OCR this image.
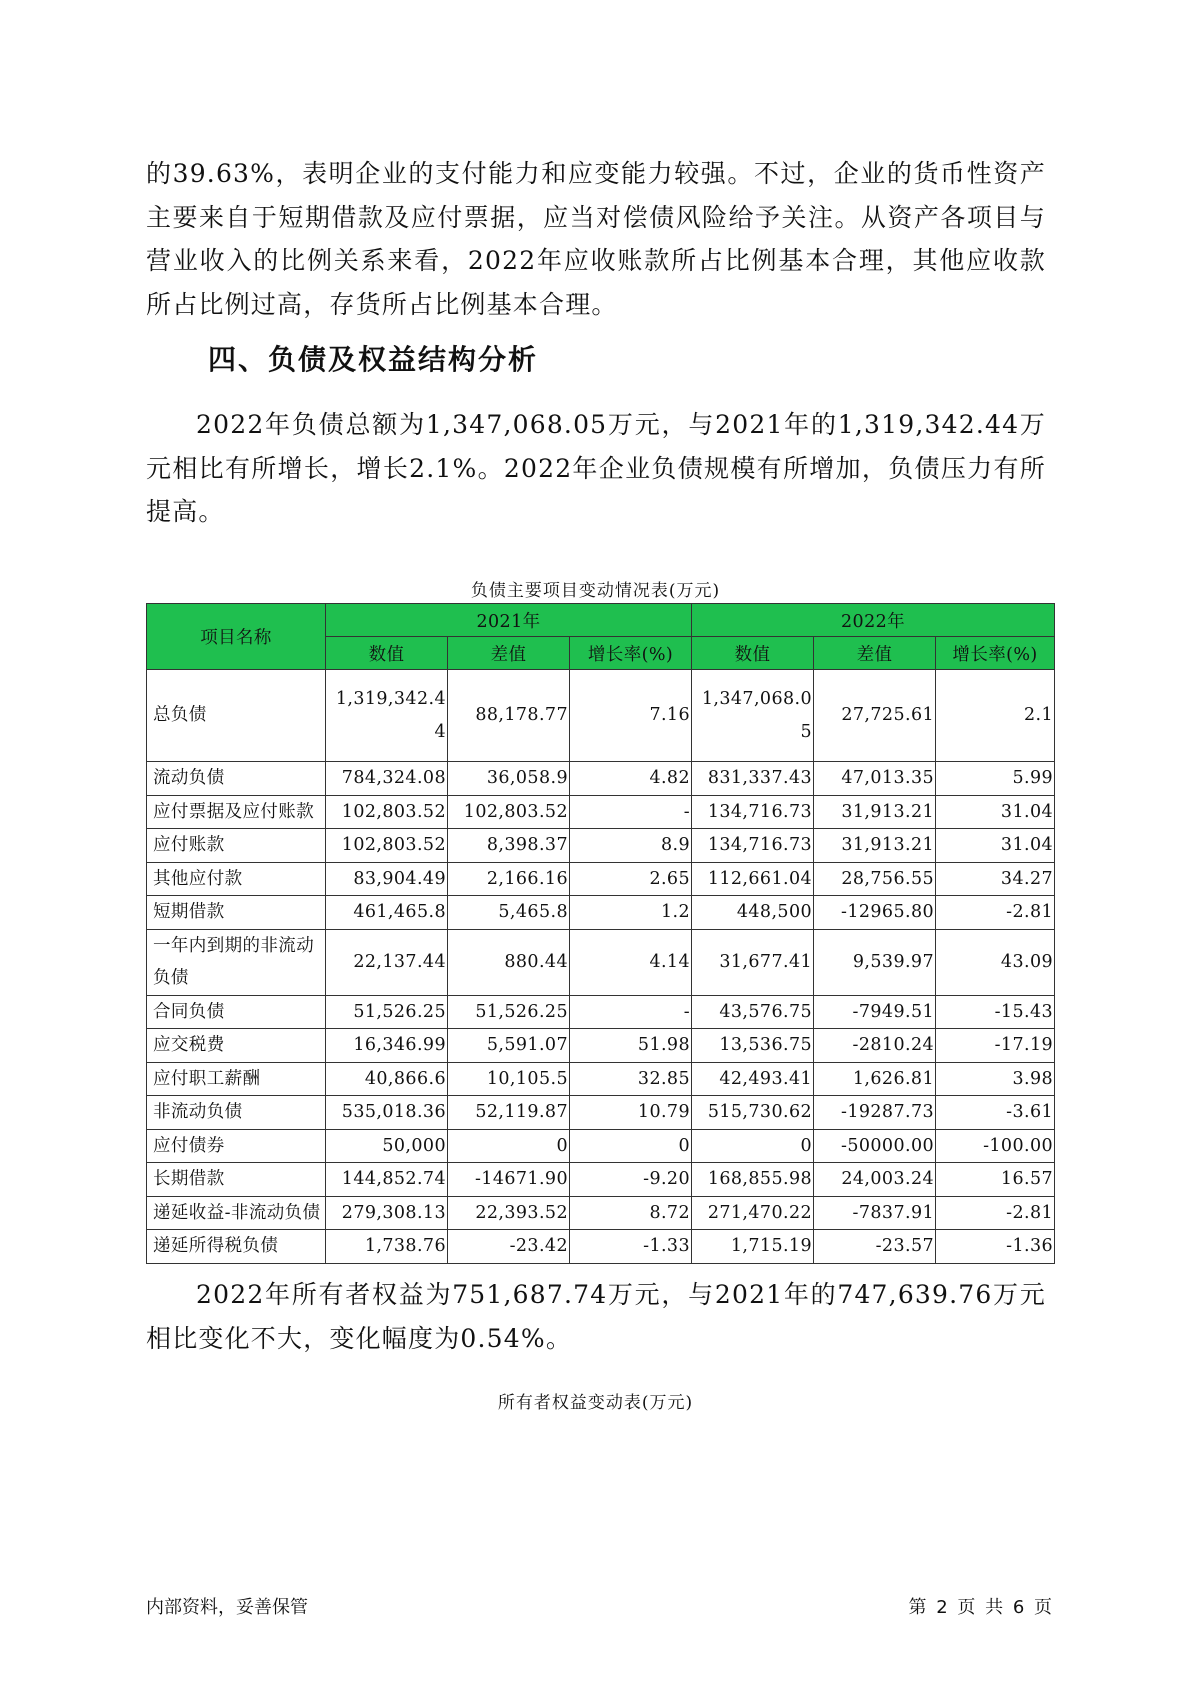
的39.63%，表明企业的支付能力和应变能力较强。不过，企业的货币性资产主要来自于短期借款及应付票据，应当对偿债风险给予关注。从资产各项目与营业收入的比例关系来看，2022年应收账款所占比例基本合理，其他应收款所占比例过高，存货所占比例基本合理。

四、负债及权益结构分析

2022年负债总额为1,347,068.05万元，与2021年的1,319,342.44万元相比有所增长，增长2.1%。2022年企业负债规模有所增加，负债压力有所提高。

负债主要项目变动情况表(万元)

项目名称	2021年			2022年		
	数值	差值	增长率(%)	数值	差值	增长率(%)
总负债	1,319,342.44	88,178.77	7.16	1,347,068.05	27,725.61	2.1
流动负债	784,324.08	36,058.9	4.82	831,337.43	47,013.35	5.99
应付票据及应付账款	102,803.52	102,803.52	-	134,716.73	31,913.21	31.04
应付账款	102,803.52	8,398.37	8.9	134,716.73	31,913.21	31.04
其他应付款	83,904.49	2,166.16	2.65	112,661.04	28,756.55	34.27
短期借款	461,465.8	5,465.8	1.2	448,500	-12965.80	-2.81
一年内到期的非流动负债	22,137.44	880.44	4.14	31,677.41	9,539.97	43.09
合同负债	51,526.25	51,526.25	-	43,576.75	-7949.51	-15.43
应交税费	16,346.99	5,591.07	51.98	13,536.75	-2810.24	-17.19
应付职工薪酬	40,866.6	10,105.5	32.85	42,493.41	1,626.81	3.98
非流动负债	535,018.36	52,119.87	10.79	515,730.62	-19287.73	-3.61
应付债券	50,000	0	0	0	-50000.00	-100.00
长期借款	144,852.74	-14671.90	-9.20	168,855.98	24,003.24	16.57
递延收益-非流动负债	279,308.13	22,393.52	8.72	271,470.22	-7837.91	-2.81
递延所得税负债	1,738.76	-23.42	-1.33	1,715.19	-23.57	-1.36

2022年所有者权益为751,687.74万元，与2021年的747,639.76万元相比变化不大，变化幅度为0.54%。

所有者权益变动表(万元)

内部资料，妥善保管	第 2 页 共 6 页
